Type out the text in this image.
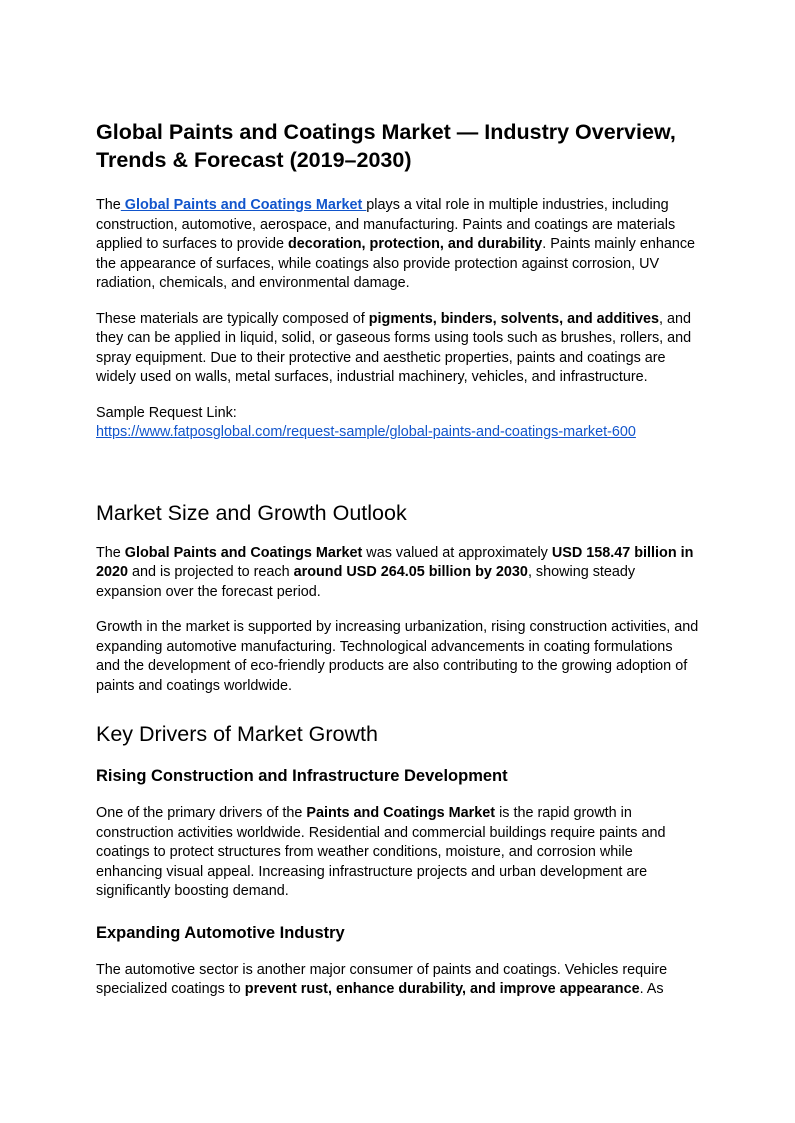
Global Paints and Coatings Market — Industry Overview, Trends & Forecast (2019–2030)

The Global Paints and Coatings Market plays a vital role in multiple industries, including construction, automotive, aerospace, and manufacturing. Paints and coatings are materials applied to surfaces to provide decoration, protection, and durability. Paints mainly enhance the appearance of surfaces, while coatings also provide protection against corrosion, UV radiation, chemicals, and environmental damage.

These materials are typically composed of pigments, binders, solvents, and additives, and they can be applied in liquid, solid, or gaseous forms using tools such as brushes, rollers, and spray equipment. Due to their protective and aesthetic properties, paints and coatings are widely used on walls, metal surfaces, industrial machinery, vehicles, and infrastructure.

Sample Request Link:
https://www.fatposglobal.com/request-sample/global-paints-and-coatings-market-600

Market Size and Growth Outlook

The Global Paints and Coatings Market was valued at approximately USD 158.47 billion in 2020 and is projected to reach around USD 264.05 billion by 2030, showing steady expansion over the forecast period.

Growth in the market is supported by increasing urbanization, rising construction activities, and expanding automotive manufacturing. Technological advancements in coating formulations and the development of eco-friendly products are also contributing to the growing adoption of paints and coatings worldwide.

Key Drivers of Market Growth
Rising Construction and Infrastructure Development

One of the primary drivers of the Paints and Coatings Market is the rapid growth in construction activities worldwide. Residential and commercial buildings require paints and coatings to protect structures from weather conditions, moisture, and corrosion while enhancing visual appeal. Increasing infrastructure projects and urban development are significantly boosting demand.

Expanding Automotive Industry

The automotive sector is another major consumer of paints and coatings. Vehicles require specialized coatings to prevent rust, enhance durability, and improve appearance. As
